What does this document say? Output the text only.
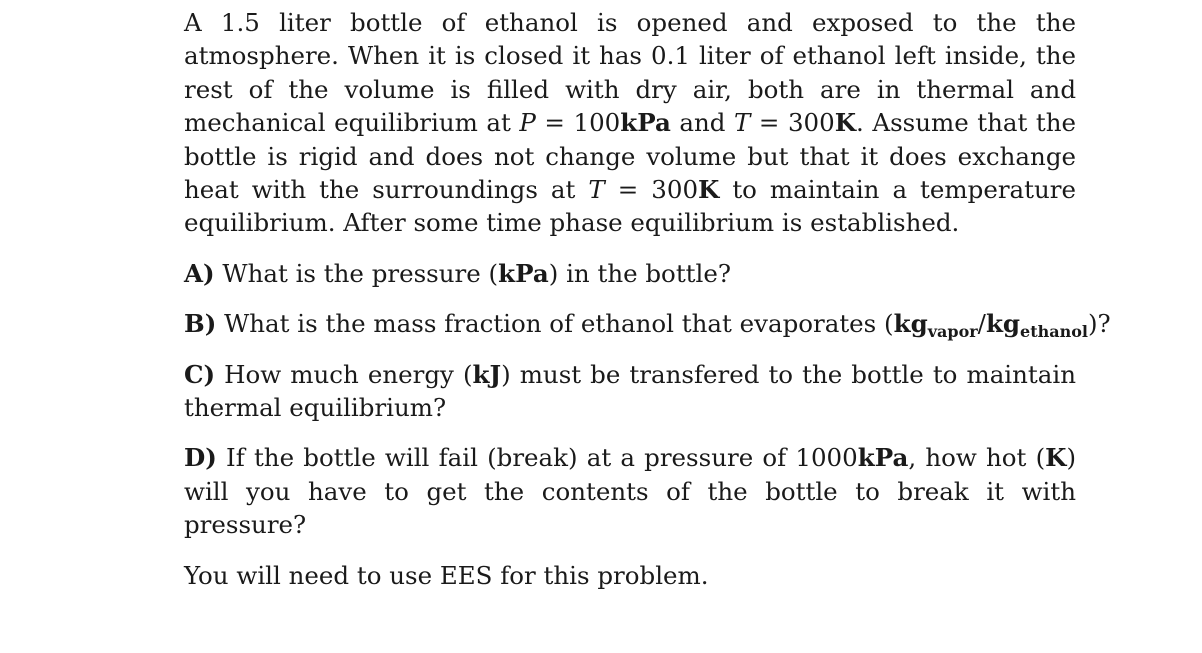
A 1.5 liter bottle of ethanol is opened and exposed to the the atmosphere. When it is closed it has 0.1 liter of ethanol left inside, the rest of the volume is filled with dry air, both are in thermal and mechanical equilibrium at P = 100kPa and T = 300K. Assume that the bottle is rigid and does not change volume but that it does exchange heat with the surroundings at T = 300K to maintain a temperature equilibrium. After some time phase equilibrium is established.

A) What is the pressure (kPa) in the bottle?

B) What is the mass fraction of ethanol that evaporates $(kg_{vapor}/kg_{ethanol})$?

C) How much energy (kJ) must be transfered to the bottle to maintain thermal equilibrium?

D) If the bottle will fail (break) at a pressure of 1000kPa, how hot (K) will you have to get the contents of the bottle to break it with pressure?

You will need to use EES for this problem.
